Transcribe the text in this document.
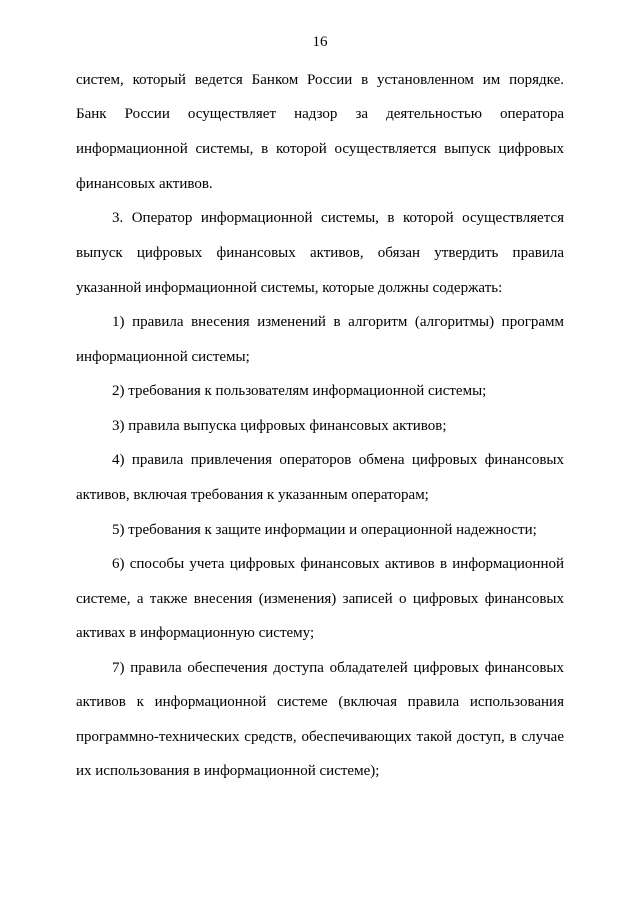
16
систем, который ведется Банком России в установленном им порядке.
Банк России осуществляет надзор за деятельностью оператора
информационной системы, в которой осуществляется выпуск цифровых
финансовых активов.
3. Оператор информационной системы, в которой осуществляется
выпуск цифровых финансовых активов, обязан утвердить правила
указанной информационной системы, которые должны содержать:
1) правила внесения изменений в алгоритм (алгоритмы) программ
информационной системы;
2) требования к пользователям информационной системы;
3) правила выпуска цифровых финансовых активов;
4) правила привлечения операторов обмена цифровых финансовых
активов, включая требования к указанным операторам;
5) требования к защите информации и операционной надежности;
6) способы учета цифровых финансовых активов в информационной
системе, а также внесения (изменения) записей о цифровых финансовых
активах в информационную систему;
7) правила обеспечения доступа обладателей цифровых финансовых
активов к информационной системе (включая правила использования
программно-технических средств, обеспечивающих такой доступ, в случае
их использования в информационной системе);
